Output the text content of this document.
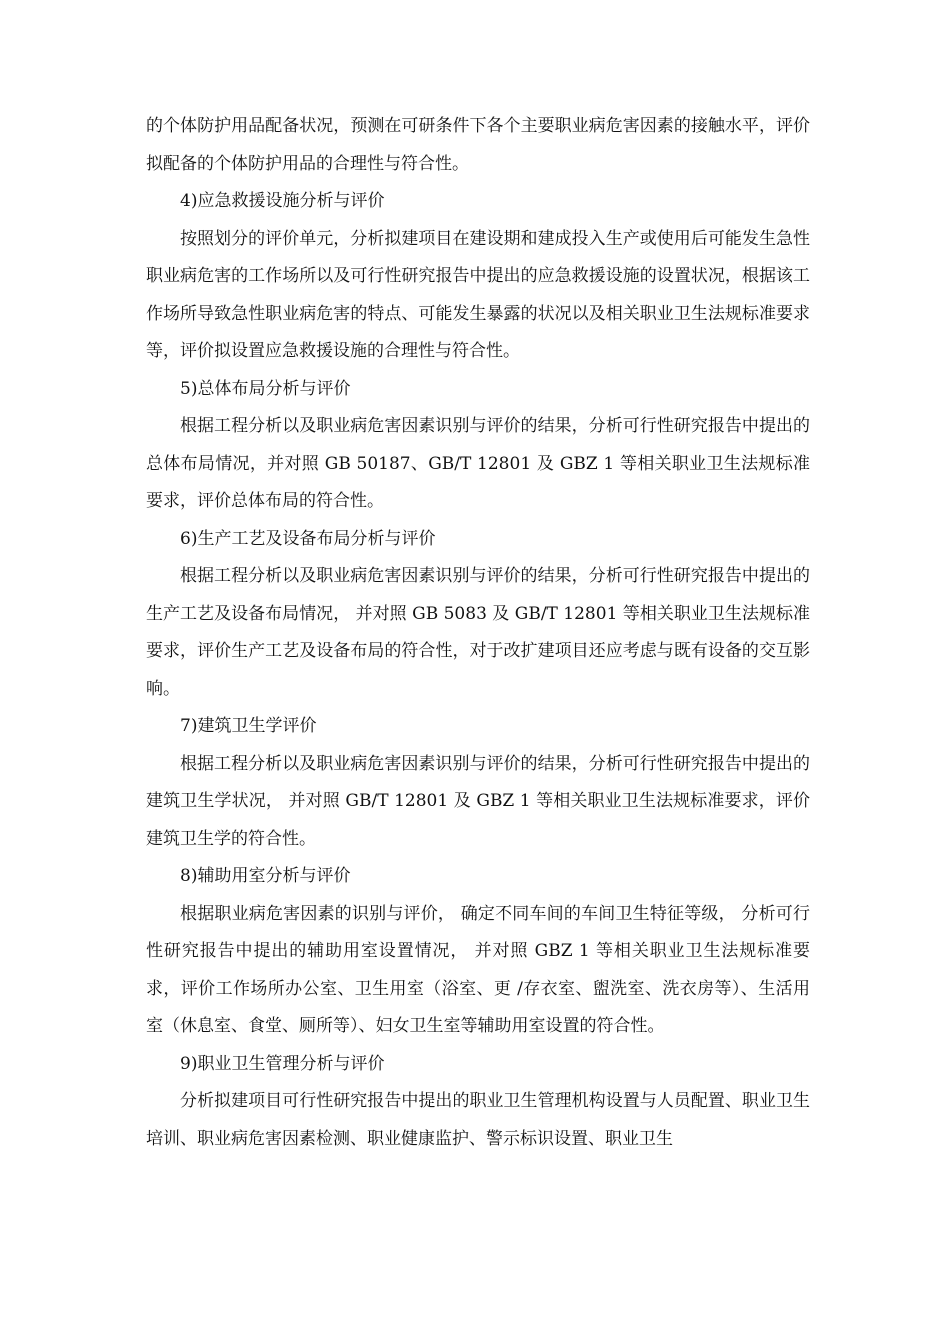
的个体防护用品配备状况，预测在可研条件下各个主要职业病危害因素的接触水平，评价拟配备的个体防护用品的合理性与符合性。

4)应急救援设施分析与评价

按照划分的评价单元，分析拟建项目在建设期和建成投入生产或使用后可能发生急性职业病危害的工作场所以及可行性研究报告中提出的应急救援设施的设置状况，根据该工作场所导致急性职业病危害的特点、可能发生暴露的状况以及相关职业卫生法规标准要求等，评价拟设置应急救援设施的合理性与符合性。

5)总体布局分析与评价

根据工程分析以及职业病危害因素识别与评价的结果，分析可行性研究报告中提出的总体布局情况，并对照 GB 50187、GB/T 12801 及 GBZ 1 等相关职业卫生法规标准要求，评价总体布局的符合性。

6)生产工艺及设备布局分析与评价

根据工程分析以及职业病危害因素识别与评价的结果，分析可行性研究报告中提出的生产工艺及设备布局情况， 并对照 GB 5083 及 GB/T 12801 等相关职业卫生法规标准要求，评价生产工艺及设备布局的符合性，对于改扩建项目还应考虑与既有设备的交互影响。

7)建筑卫生学评价

根据工程分析以及职业病危害因素识别与评价的结果，分析可行性研究报告中提出的建筑卫生学状况， 并对照 GB/T 12801 及 GBZ 1 等相关职业卫生法规标准要求，评价建筑卫生学的符合性。

8)辅助用室分析与评价

根据职业病危害因素的识别与评价， 确定不同车间的车间卫生特征等级， 分析可行性研究报告中提出的辅助用室设置情况， 并对照 GBZ 1 等相关职业卫生法规标准要求，评价工作场所办公室、卫生用室（浴室、更 /存衣室、盥洗室、洗衣房等）、生活用室（休息室、食堂、厕所等）、妇女卫生室等辅助用室设置的符合性。

9)职业卫生管理分析与评价

分析拟建项目可行性研究报告中提出的职业卫生管理机构设置与人员配置、职业卫生培训、职业病危害因素检测、职业健康监护、警示标识设置、职业卫生
